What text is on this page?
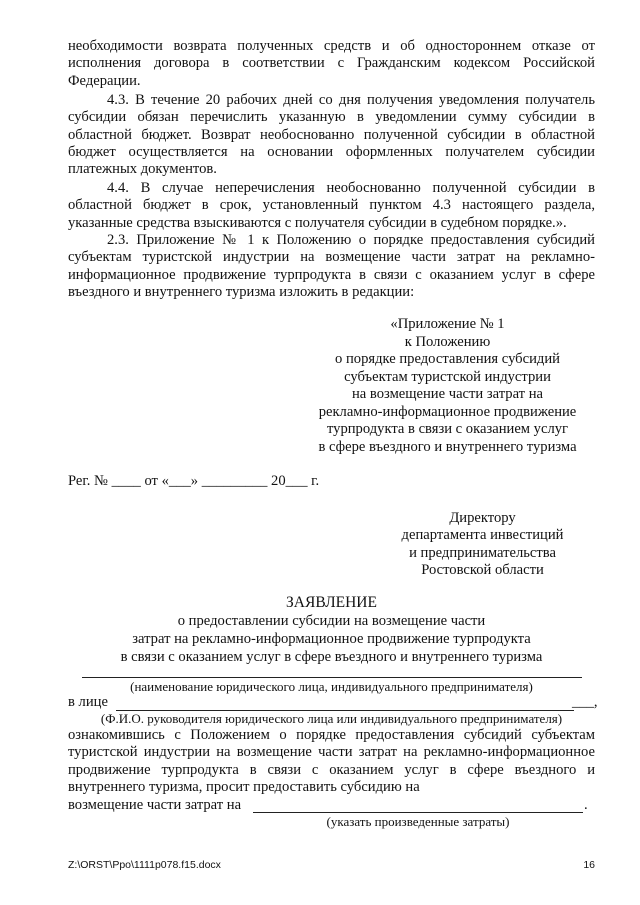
необходимости возврата полученных средств и об одностороннем отказе от исполнения договора в соответствии с Гражданским кодексом Российской Федерации.

4.3. В течение 20 рабочих дней со дня получения уведомления получатель субсидии обязан перечислить указанную в уведомлении сумму субсидии в областной бюджет. Возврат необоснованно полученной субсидии в областной бюджет осуществляется на основании оформленных получателем субсидии платежных документов.

4.4. В случае неперечисления необоснованно полученной субсидии в областной бюджет в срок, установленный пунктом 4.3 настоящего раздела, указанные средства взыскиваются с получателя субсидии в судебном порядке.».

2.3. Приложение № 1 к Положению о порядке предоставления субсидий субъектам туристской индустрии на возмещение части затрат на рекламно-информационное продвижение турпродукта в связи с оказанием услуг в сфере въездного и внутреннего туризма изложить в редакции:

«Приложение № 1

к Положению

о порядке предоставления субсидий

субъектам туристской индустрии

на возмещение части затрат на

рекламно-информационное продвижение

турпродукта в связи с оказанием услуг

в сфере въездного и внутреннего туризма

Рег. № ____ от «___» _________ 20___ г.

Директору

департамента инвестиций

и предпринимательства

Ростовской области

ЗАЯВЛЕНИЕ

о предоставлении субсидии на возмещение части

затрат на рекламно-информационное продвижение турпродукта

в связи с оказанием услуг в сфере въездного и внутреннего туризма

(наименование юридического лица, индивидуального предпринимателя)

в лице	___,

(Ф.И.О. руководителя юридического лица или индивидуального предпринимателя)

ознакомившись с Положением о порядке предоставления субсидий субъектам туристской индустрии на возмещение части затрат на рекламно-информационное продвижение турпродукта в связи с оказанием услуг в сфере въездного и внутреннего туризма, просит предоставить субсидию на

возмещение части затрат на	.

(указать произведенные затраты)

Z:\ORST\Ppo\1111p078.f15.docx	16
